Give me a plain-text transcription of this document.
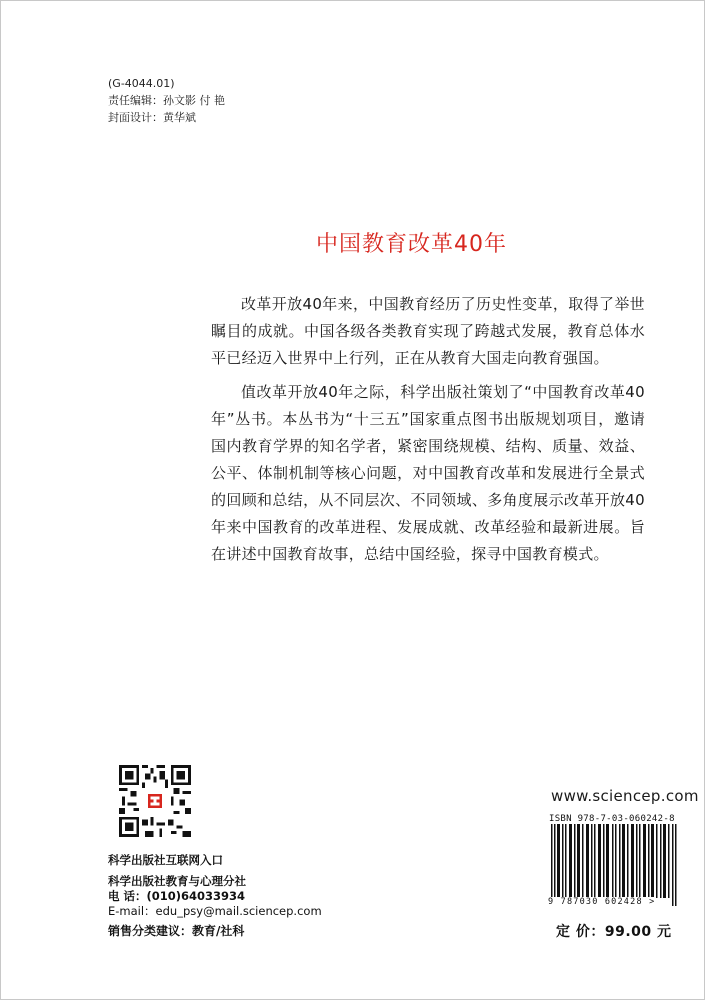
(G-4044.01)
责任编辑：孙文影 付 艳
封面设计：黄华斌
中国教育改革40年

改革开放40年来，中国教育经历了历史性变革，取得了举世瞩目的成就。中国各级各类教育实现了跨越式发展，教育总体水平已经迈入世界中上行列，正在从教育大国走向教育强国。

值改革开放40年之际，科学出版社策划了“中国教育改革40年”丛书。本丛书为“十三五”国家重点图书出版规划项目，邀请国内教育学界的知名学者，紧密围绕规模、结构、质量、效益、公平、体制机制等核心问题，对中国教育改革和发展进行全景式的回顾和总结，从不同层次、不同领域、多角度展示改革开放40年来中国教育的改革进程、发展成就、改革经验和最新进展。旨在讲述中国教育故事，总结中国经验，探寻中国教育模式。

科学出版社互联网入口
科学出版社教育与心理分社
电 话：(010)64033934
E-mail：edu_psy@mail.sciencep.com
销售分类建议：教育/社科
www.sciencep.com
ISBN 978-7-03-060242-8
9 787030 602428 >
定 价：99.00 元
